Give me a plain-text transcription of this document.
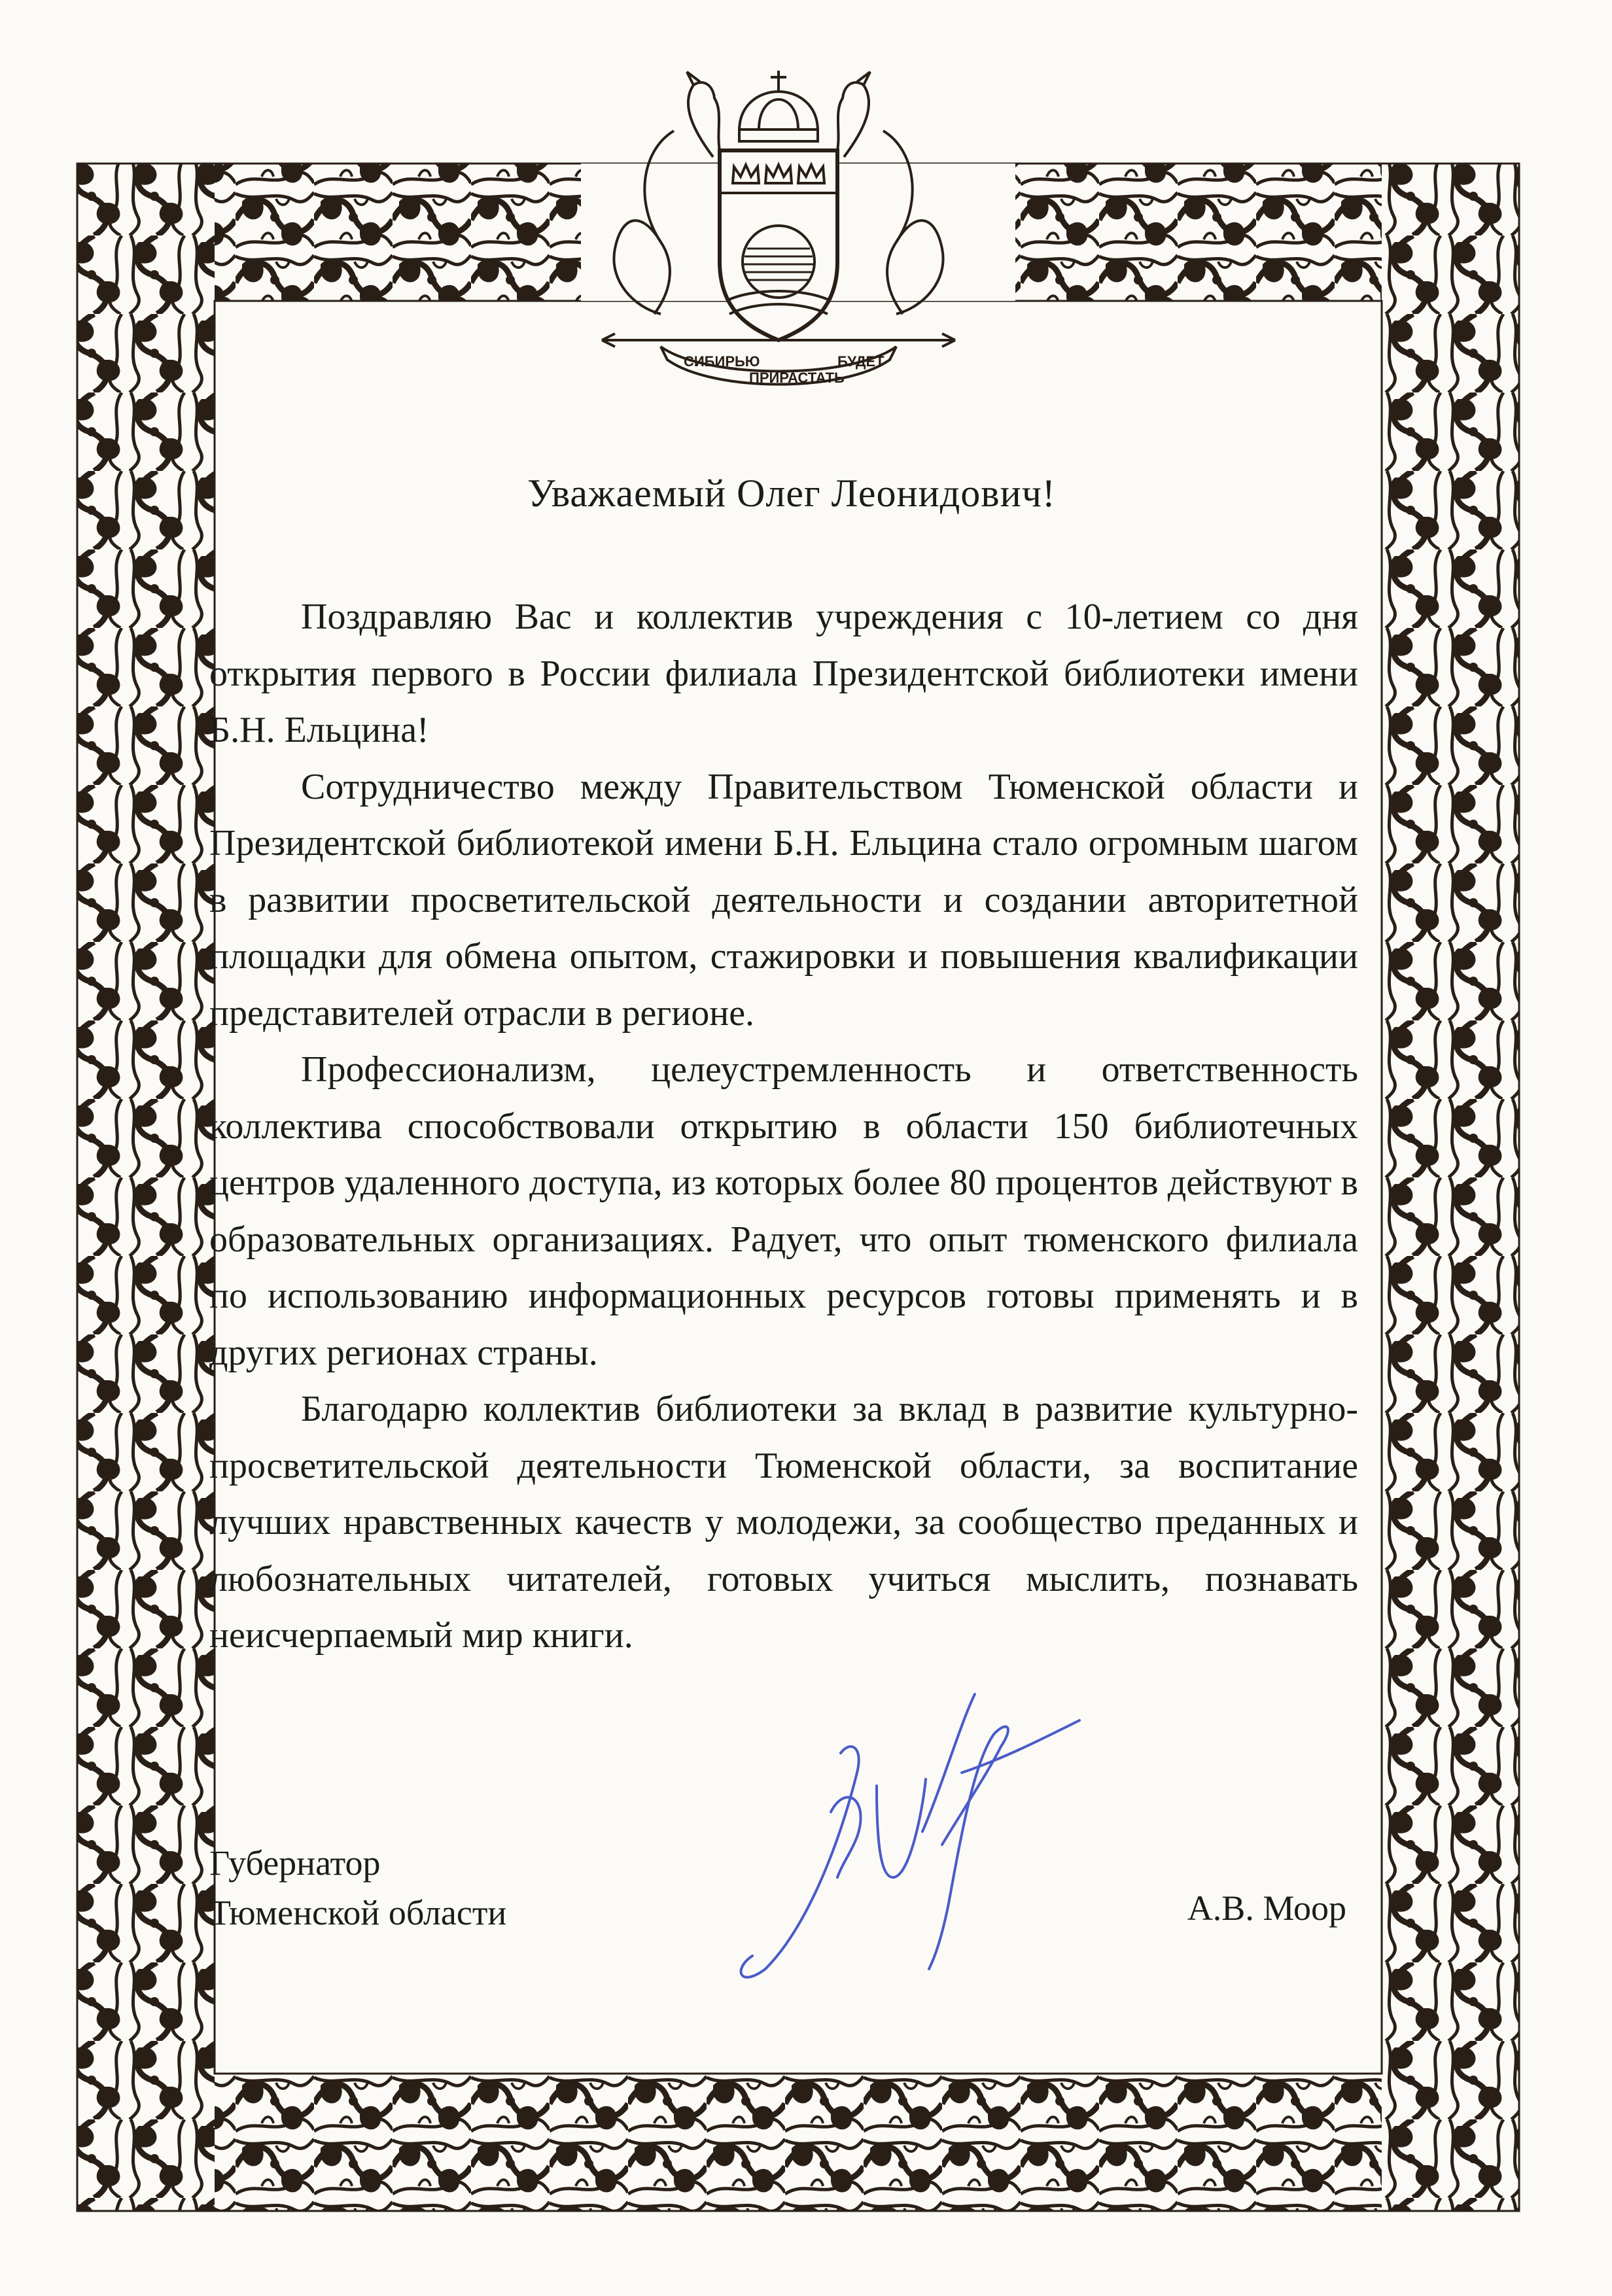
СИБИРЬЮ
ПРИРАСТАТЬ
БУДЕТ
Уважаемый Олег Леонидович!

Поздравляю Вас и коллектив учреждения с 10-летием со дня открытия первого в России филиала Президентской библиотеки имени Б.Н. Ельцина!

Сотрудничество между Правительством Тюменской области и Президентской библиотекой имени Б.Н. Ельцина стало огромным шагом в развитии просветительской деятельности и создании авторитетной площадки для обмена опытом, стажировки и повышения квалификации представителей отрасли в регионе.

Профессионализм, целеустремленность и ответственность коллектива способствовали открытию в области 150 библиотечных центров удаленного доступа, из которых более 80 процентов действуют в образовательных организациях. Радует, что опыт тюменского филиала по использованию информационных ресурсов готовы применять и в других регионах страны.

Благодарю коллектив библиотеки за вклад в развитие культурно-просветительской деятельности Тюменской области, за воспитание лучших нравственных качеств у молодежи, за сообщество преданных и любознательных читателей, готовых учиться мыслить, познавать неисчерпаемый мир книги.

Губернатор
Тюменской области	А.В. Моор
